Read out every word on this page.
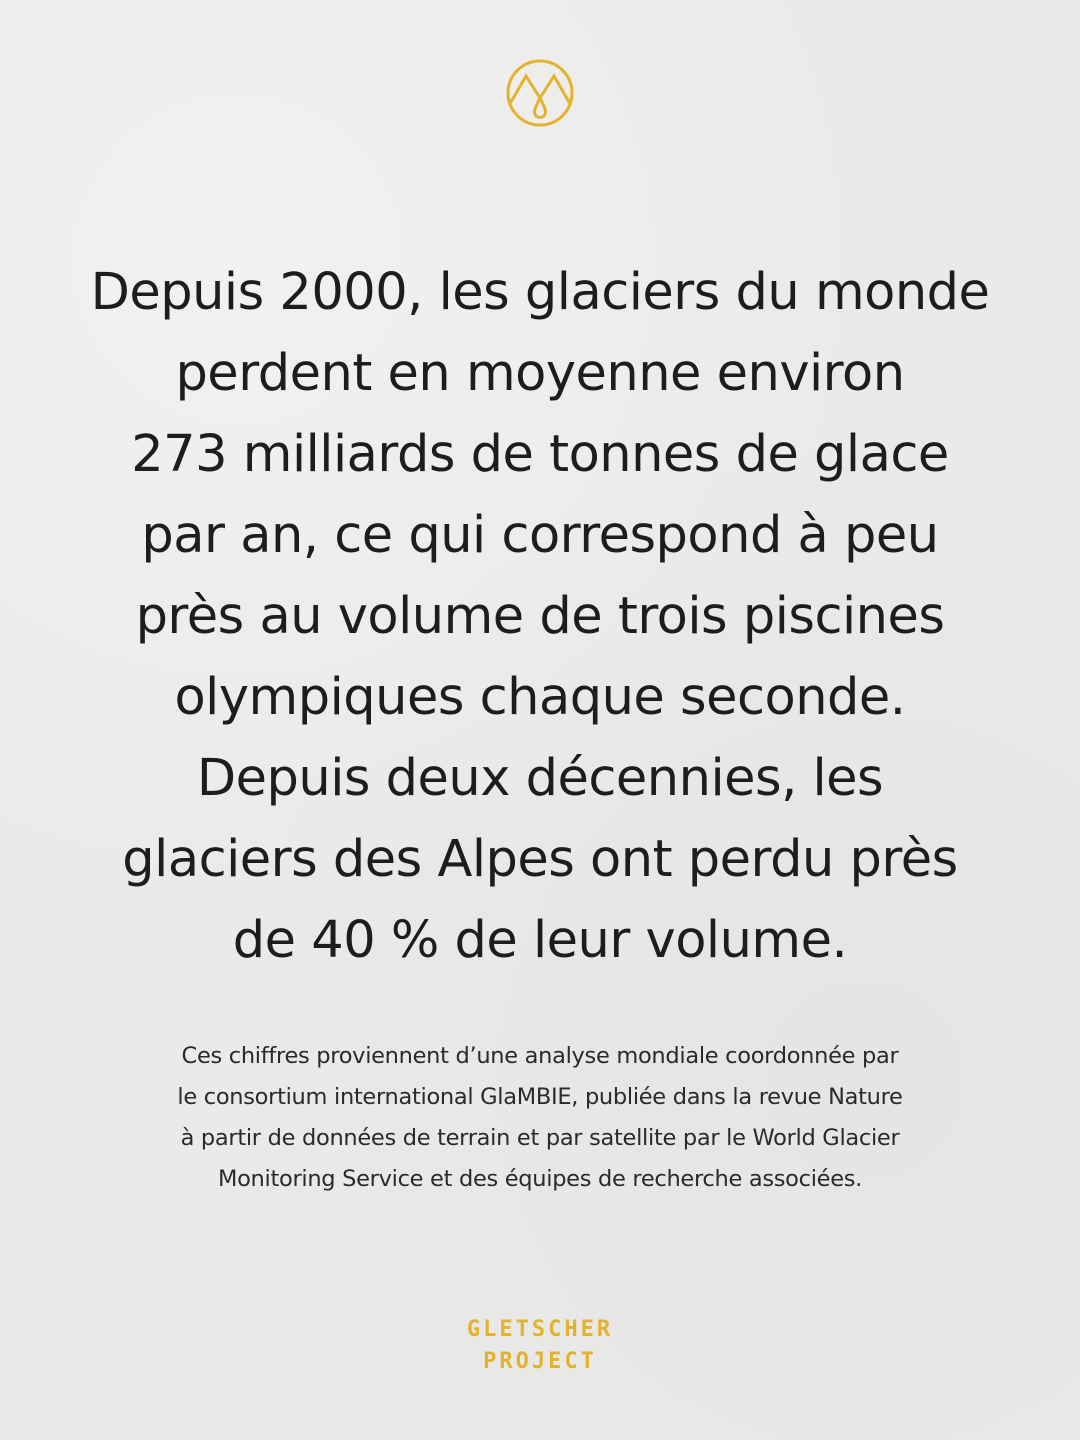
Depuis 2000, les glaciers du monde
perdent en moyenne environ
273 milliards de tonnes de glace
par an, ce qui correspond à peu
près au volume de trois piscines
olympiques chaque seconde.
Depuis deux décennies, les
glaciers des Alpes ont perdu près
de 40 % de leur volume.

Ces chiffres proviennent d’une analyse mondiale coordonnée par
le consortium international GlaMBIE, publiée dans la revue Nature
à partir de données de terrain et par satellite par le World Glacier
Monitoring Service et des équipes de recherche associées.

GLETSCHER
PROJECT
